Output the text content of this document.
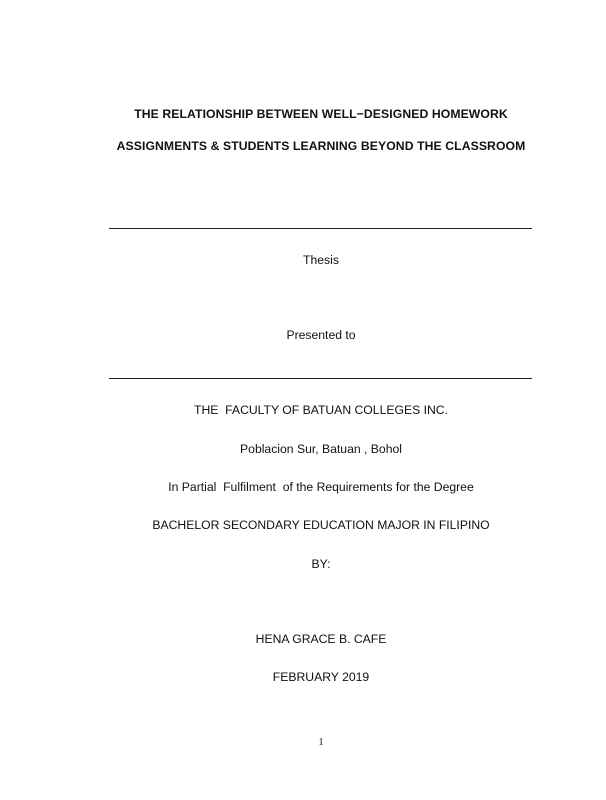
THE RELATIONSHIP BETWEEN WELL−DESIGNED HOMEWORK
ASSIGNMENTS & STUDENTS LEARNING BEYOND THE CLASSROOM
Thesis
Presented to
THE  FACULTY OF BATUAN COLLEGES INC.
Poblacion Sur, Batuan , Bohol
In Partial  Fulfilment  of the Requirements for the Degree
BACHELOR SECONDARY EDUCATION MAJOR IN FILIPINO
BY:
HENA GRACE B. CAFE
FEBRUARY 2019
1
